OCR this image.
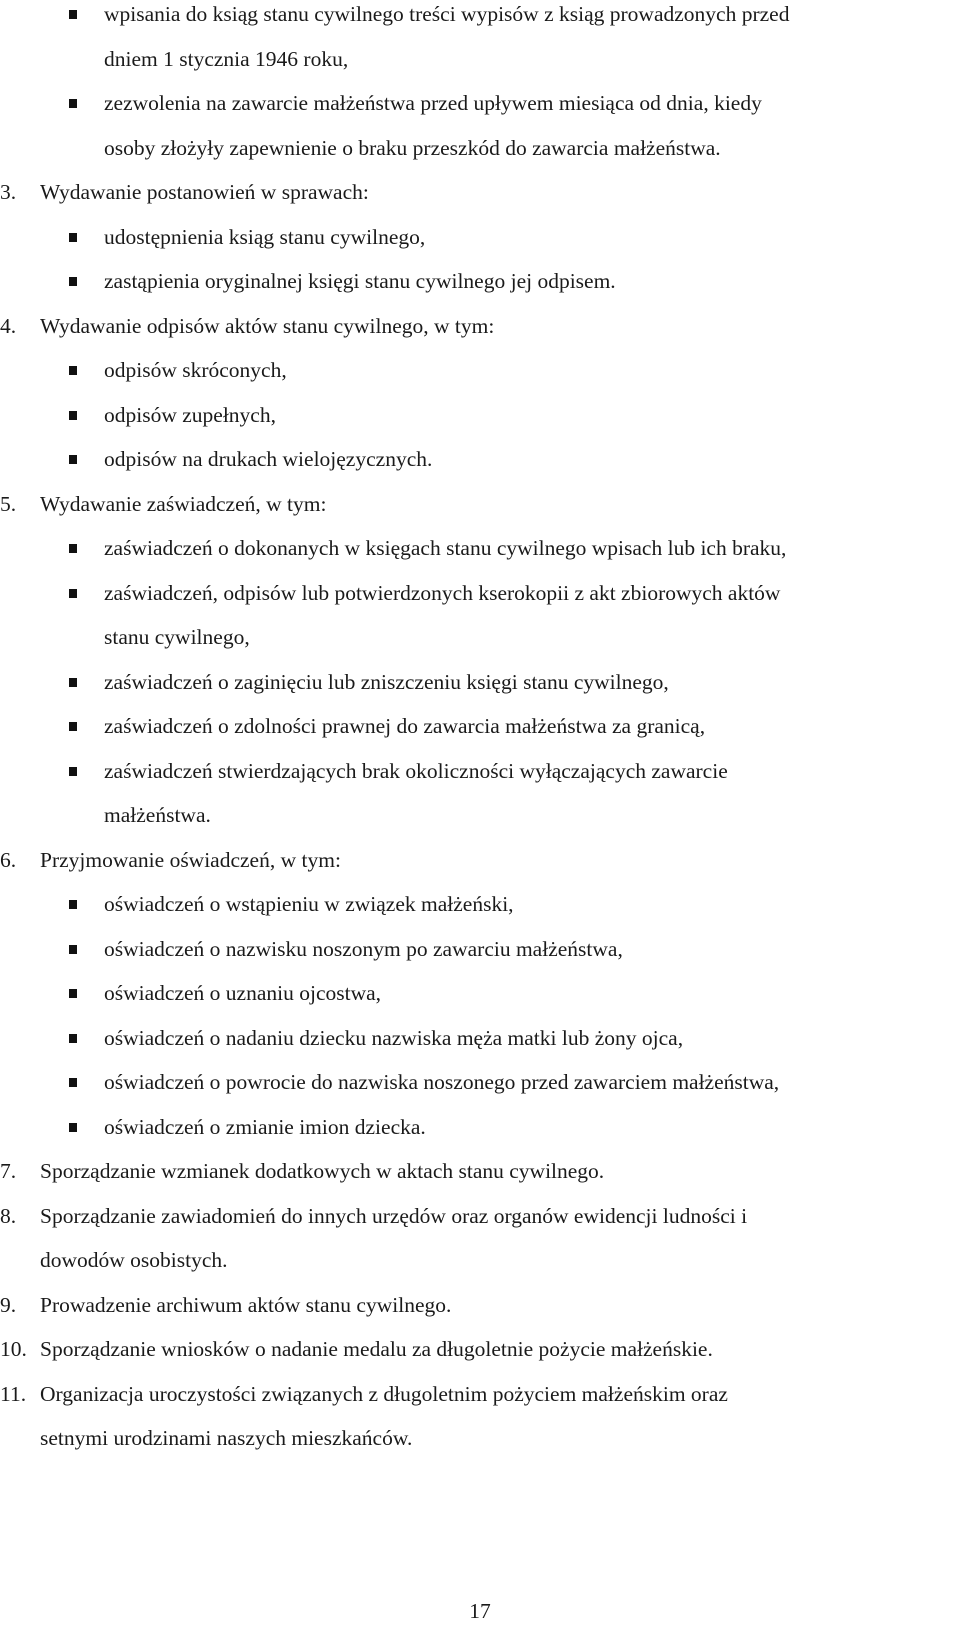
wpisania do ksiąg stanu cywilnego treści wypisów z ksiąg prowadzonych przed
dniem 1 stycznia 1946 roku,
zezwolenia na zawarcie małżeństwa przed upływem miesiąca od dnia, kiedy
osoby złożyły zapewnienie o braku przeszkód do zawarcia małżeństwa.
3.	Wydawanie postanowień w sprawach:
udostępnienia ksiąg stanu cywilnego,
zastąpienia oryginalnej księgi stanu cywilnego jej odpisem.
4.	Wydawanie odpisów aktów stanu cywilnego, w tym:
odpisów skróconych,
odpisów zupełnych,
odpisów na drukach wielojęzycznych.
5.	Wydawanie zaświadczeń, w tym:
zaświadczeń o dokonanych w księgach stanu cywilnego wpisach lub ich braku,
zaświadczeń, odpisów lub potwierdzonych kserokopii z akt zbiorowych aktów
stanu cywilnego,
zaświadczeń o zaginięciu lub zniszczeniu księgi stanu cywilnego,
zaświadczeń o zdolności prawnej do zawarcia małżeństwa za granicą,
zaświadczeń stwierdzających brak okoliczności wyłączających zawarcie
małżeństwa.
6.	Przyjmowanie oświadczeń, w tym:
oświadczeń o wstąpieniu w związek małżeński,
oświadczeń o nazwisku noszonym po zawarciu małżeństwa,
oświadczeń o uznaniu ojcostwa,
oświadczeń o nadaniu dziecku nazwiska męża matki lub żony ojca,
oświadczeń o powrocie do nazwiska noszonego przed zawarciem małżeństwa,
oświadczeń o zmianie imion dziecka.
7.	Sporządzanie wzmianek dodatkowych w aktach stanu cywilnego.
8.	Sporządzanie zawiadomień do innych urzędów oraz organów ewidencji ludności i
dowodów osobistych.
9.	Prowadzenie archiwum aktów stanu cywilnego.
10. Sporządzanie wniosków o nadanie medalu za długoletnie pożycie małżeńskie.
11. Organizacja uroczystości związanych z długoletnim pożyciem małżeńskim oraz
setnymi urodzinami naszych mieszkańców.
17
